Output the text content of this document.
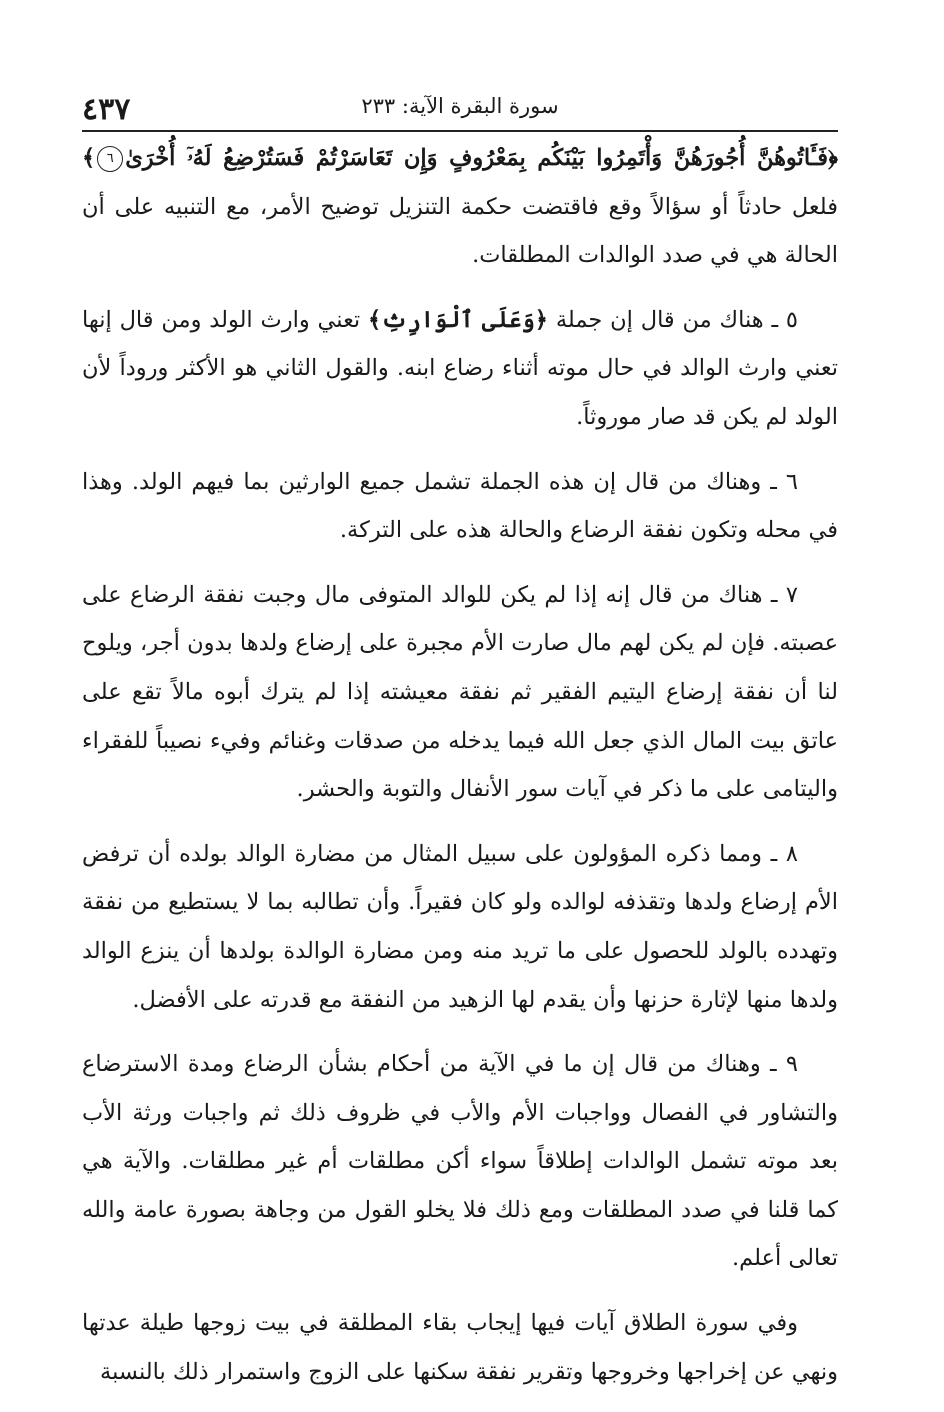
سورة البقرة الآية: ٢٣٣
٤٣٧

﴿فَـَٔاتُوهُنَّ أُجُورَهُنَّ وَأْتَمِرُوا بَيْنَكُم بِمَعْرُوفٍ وَإِن تَعَاسَرْتُمْ فَسَتُرْضِعُ لَهُۥٓ أُخْرَىٰ٦﴾ فلعل حادثاً أو سؤالاً وقع فاقتضت حكمة التنزيل توضيح الأمر، مع التنبيه على أن الحالة هي في صدد الوالدات المطلقات.

٥ ـ هناك من قال إن جملة ﴿وَعَلَى ٱلْوَارِثِ﴾ تعني وارث الولد ومن قال إنها تعني وارث الوالد في حال موته أثناء رضاع ابنه. والقول الثاني هو الأكثر وروداً لأن الولد لم يكن قد صار موروثاً.

٦ ـ وهناك من قال إن هذه الجملة تشمل جميع الوارثين بما فيهم الولد. وهذا في محله وتكون نفقة الرضاع والحالة هذه على التركة.

٧ ـ هناك من قال إنه إذا لم يكن للوالد المتوفى مال وجبت نفقة الرضاع على عصبته. فإن لم يكن لهم مال صارت الأم مجبرة على إرضاع ولدها بدون أجر، ويلوح لنا أن نفقة إرضاع اليتيم الفقير ثم نفقة معيشته إذا لم يترك أبوه مالاً تقع على عاتق بيت المال الذي جعل الله فيما يدخله من صدقات وغنائم وفيء نصيباً للفقراء واليتامى على ما ذكر في آيات سور الأنفال والتوبة والحشر.

٨ ـ ومما ذكره المؤولون على سبيل المثال من مضارة الوالد بولده أن ترفض الأم إرضاع ولدها وتقذفه لوالده ولو كان فقيراً. وأن تطالبه بما لا يستطيع من نفقة وتهدده بالولد للحصول على ما تريد منه ومن مضارة الوالدة بولدها أن ينزع الوالد ولدها منها لإثارة حزنها وأن يقدم لها الزهيد من النفقة مع قدرته على الأفضل.

٩ ـ وهناك من قال إن ما في الآية من أحكام بشأن الرضاع ومدة الاسترضاع والتشاور في الفصال وواجبات الأم والأب في ظروف ذلك ثم واجبات ورثة الأب بعد موته تشمل الوالدات إطلاقاً سواء أكن مطلقات أم غير مطلقات. والآية هي كما قلنا في صدد المطلقات ومع ذلك فلا يخلو القول من وجاهة بصورة عامة والله تعالى أعلم.

وفي سورة الطلاق آيات فيها إيجاب بقاء المطلقة في بيت زوجها طيلة عدتها ونهي عن إخراجها وخروجها وتقرير نفقة سكنها على الزوج واستمرار ذلك بالنسبة
